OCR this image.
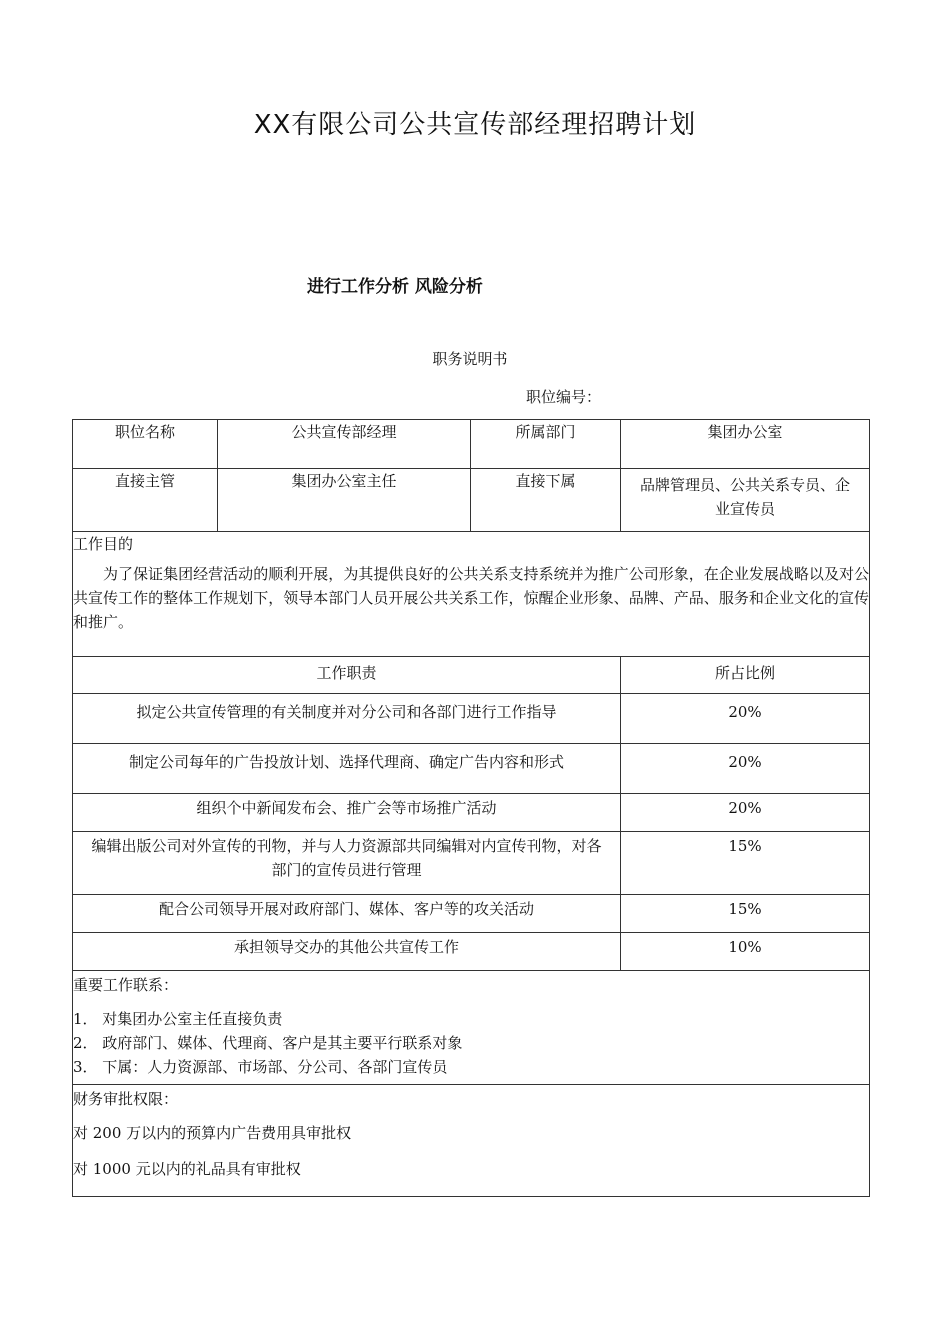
XX有限公司公共宣传部经理招聘计划
进行工作分析 风险分析
职务说明书
职位编号：
职位名称	公共宣传部经理	所属部门	集团办公室
直接主管	集团办公室主任	直接下属	品牌管理员、公共关系专员、企业宣传员

工作目的
为了保证集团经营活动的顺利开展，为其提供良好的公共关系支持系统并为推广公司形象，在企业发展战略以及对公共宣传工作的整体工作规划下，领导本部门人员开展公共关系工作，惊醒企业形象、品牌、产品、服务和企业文化的宣传和推广。			

工作职责			所占比例
拟定公共宣传管理的有关制度并对分公司和各部门进行工作指导			20%
制定公司每年的广告投放计划、选择代理商、确定广告内容和形式			20%
组织个中新闻发布会、推广会等市场推广活动			20%
编辑出版公司对外宣传的刊物，并与人力资源部共同编辑对内宣传刊物，对各部门的宣传员进行管理			15%
配合公司领导开展对政府部门、媒体、客户等的攻关活动			15%
承担领导交办的其他公共宣传工作			10%

重要工作联系：
1． 对集团办公室主任直接负责
2． 政府部门、媒体、代理商、客户是其主要平行联系对象
3． 下属：人力资源部、市场部、分公司、各部门宣传员			

财务审批权限：
对 200 万以内的预算内广告费用具审批权
对 1000 元以内的礼品具有审批权			
